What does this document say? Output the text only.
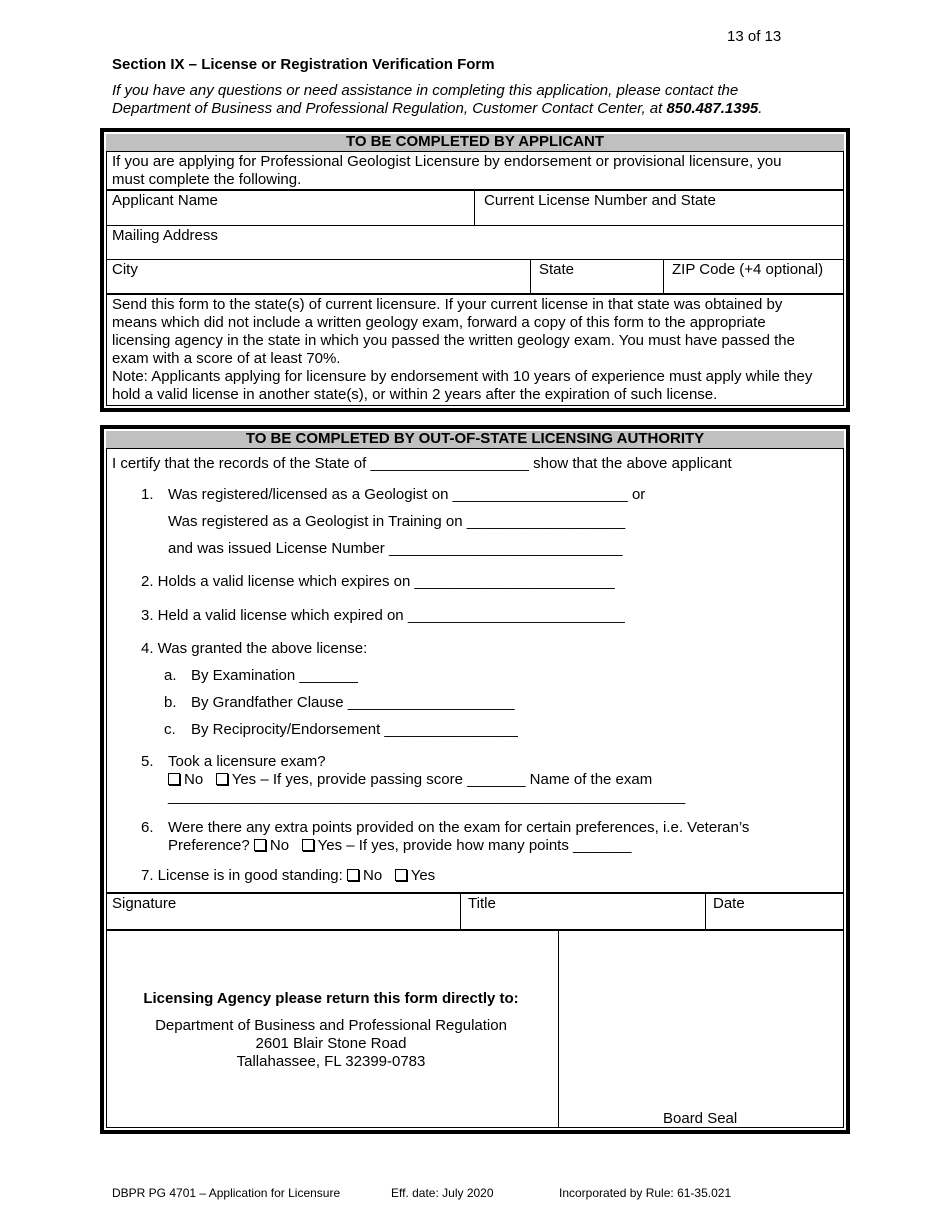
13 of 13
Section IX – License or Registration Verification Form
If you have any questions or need assistance in completing this application, please contact the
Department of Business and Professional Regulation, Customer Contact Center, at 850.487.1395.
TO BE COMPLETED BY APPLICANT
If you are applying for Professional Geologist Licensure by endorsement or provisional licensure, you
must complete the following.
Applicant Name	Current License Number and State
Mailing Address
City	State	ZIP Code (+4 optional)
Send this form to the state(s) of current licensure. If your current license in that state was obtained by
means which did not include a written geology exam, forward a copy of this form to the appropriate
licensing agency in the state in which you passed the written geology exam. You must have passed the
exam with a score of at least 70%.
Note: Applicants applying for licensure by endorsement with 10 years of experience must apply while they
hold a valid license in another state(s), or within 2 years after the expiration of such license.
TO BE COMPLETED BY OUT-OF-STATE LICENSING AUTHORITY
I certify that the records of the State of ___________________ show that the above applicant
1. Was registered/licensed as a Geologist on _____________________ or
Was registered as a Geologist in Training on ___________________
and was issued License Number ____________________________
2. Holds a valid license which expires on ________________________
3. Held a valid license which expired on __________________________
4. Was granted the above license:
a. By Examination _______
b. By Grandfather Clause ____________________
c. By Reciprocity/Endorsement ________________
5. Took a licensure exam?
No Yes – If yes, provide passing score _______ Name of the exam
______________________________________________________________
6. Were there any extra points provided on the exam for certain preferences, i.e. Veteran’s
Preference? No Yes – If yes, provide how many points _______
7. License is in good standing: No Yes
Signature	Title	Date
Licensing Agency please return this form directly to:
Department of Business and Professional Regulation
2601 Blair Stone Road
Tallahassee, FL 32399-0783
Board Seal
DBPR PG 4701 – Application for Licensure	Eff. date: July 2020	Incorporated by Rule: 61-35.021
